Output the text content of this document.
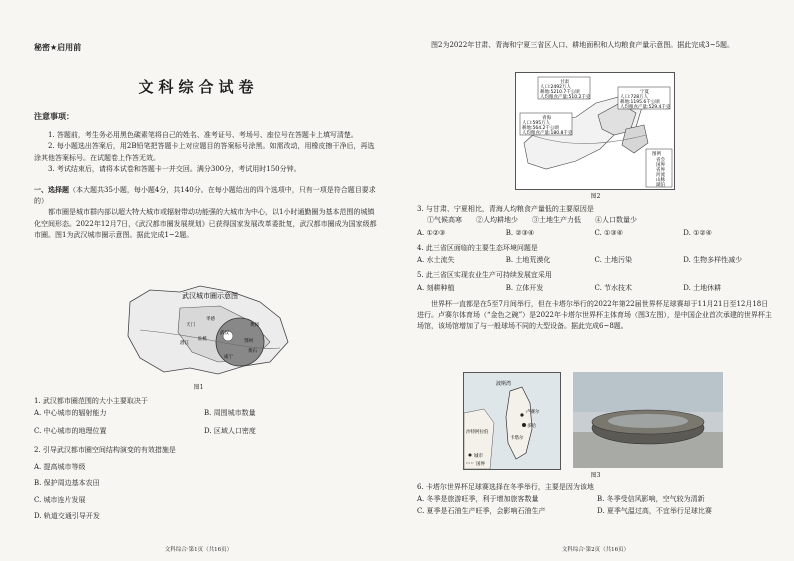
秘密★启用前
文科综合试卷

注意事项：

1. 答题前，考生务必用黑色碳素笔将自己的姓名、准考证号、考场号、座位号在答题卡上填写清楚。

2. 每小题选出答案后，用2B铅笔把答题卡上对应题目的答案标号涂黑。如需改动，用橡皮擦干净后，再选涂其他答案标号。在试题卷上作答无效。

3. 考试结束后，请将本试卷和答题卡一并交回。满分300分，考试用时150分钟。

一、选择题（本大题共35小题，每小题4分，共140分。在每小题给出的四个选项中，只有一项是符合题目要求的）

都市圈是城市群内部以超大特大城市或辐射带动功能强的大城市为中心，以1小时通勤圈为基本范围的城镇化空间形态。2022年12月7日，《武汉都市圈发展规划》已获得国家发展改革委批复，武汉都市圈成为国家级都市圈。图1为武汉城市圈示意图。据此完成1~2题。

武汉城市圈示意图
孝感
武汉
黄冈
鄂州
黄石
咸宁
仙桃
天门
潜江
图1

1. 武汉都市圈范围的大小主要取决于

A. 中心城市的辐射能力	B. 周围城市数量
C. 中心城市的地理位置	D. 区域人口密度

2. 引导武汉都市圈空间结构演变的有效措施是

A. 提高城市等级

B. 保护周边基本农田

C. 城市连片发展

D. 轨道交通引导开发

文科综合·第1页（共16页）

图2为2022年甘肃、青海和宁夏三省区人口、耕地面积和人均粮食产量示意图。据此完成3~5题。

甘肃
人口:2492万人
耕地:5210.7千公顷
人均粮食产量:510.2千克
宁夏
人口:728万人
耕地:1195.6千公顷
人均粮食产量:529.4千克
青海
人口:595万人
耕地:564.2千公顷
人均粮食产量:180.8千克
图例
省会
国界
省界
河流
山脉
湖泊
图2

3. 与甘肃、宁夏相比，青海人均粮食产量低的主要原因是

①气候高寒　　②人均耕地少　　③土地生产力低　　④人口数量少

A. ①②③	B. ②③④	C. ①③④	D. ①②④

4. 此三省区面临的主要生态环境问题是

A. 水土流失	B. 土地荒漠化	C. 土地污染	D. 生物多样性减少

5. 此三省区实现农业生产可持续发展宜采用

A. 刻耕种植	B. 立体开发	C. 节水技术	D. 土地休耕

世界杯一直都是在5至7月间举行，但在卡塔尔举行的2022年第22届世界杯足球赛却于11月21日至12月18日进行。卢赛尔体育场（“金色之碗”）是2022年卡塔尔世界杯主体育场（图3左图），是中国企业首次承建的世界杯主场馆，该场馆增加了与一般球场不同的大型设备。据此完成6~8题。

波斯湾
多哈
卡塔尔
卢赛尔
沙特阿拉伯
城市
国界
图3

6. 卡塔尔世界杯足球赛选择在冬季举行，主要是因为该地

A. 冬季是旅游旺季，利于增加旅客数量	B. 冬季受信风影响，空气较为清新
C. 夏季是石油生产旺季，会影响石油生产	D. 夏季气温过高，不宜举行足球比赛
文科综合·第2页（共16页）
